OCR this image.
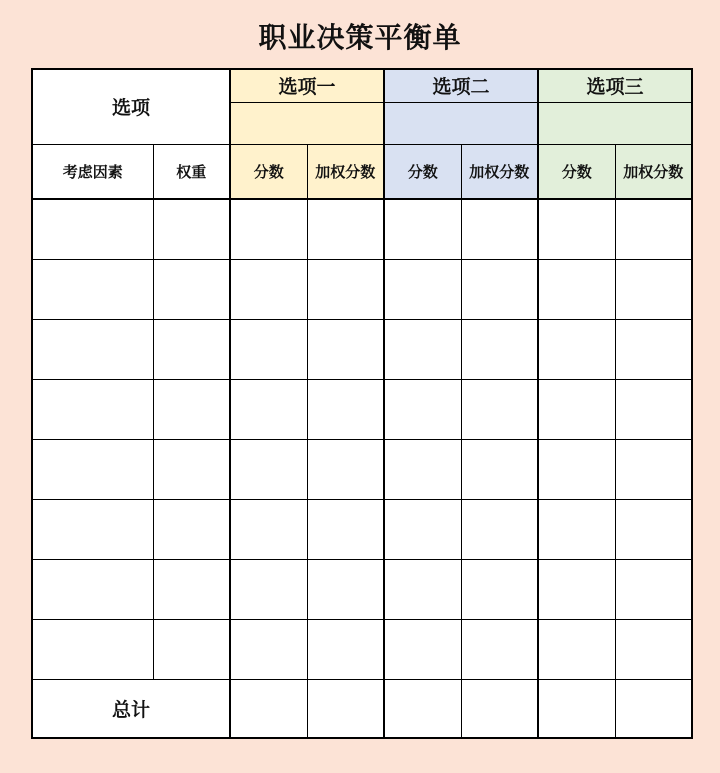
职业决策平衡单
选项		选项一		选项二		选项三	

考虑因素	权重	分数	加权分数	分数	加权分数	分数	加权分数

总计							
